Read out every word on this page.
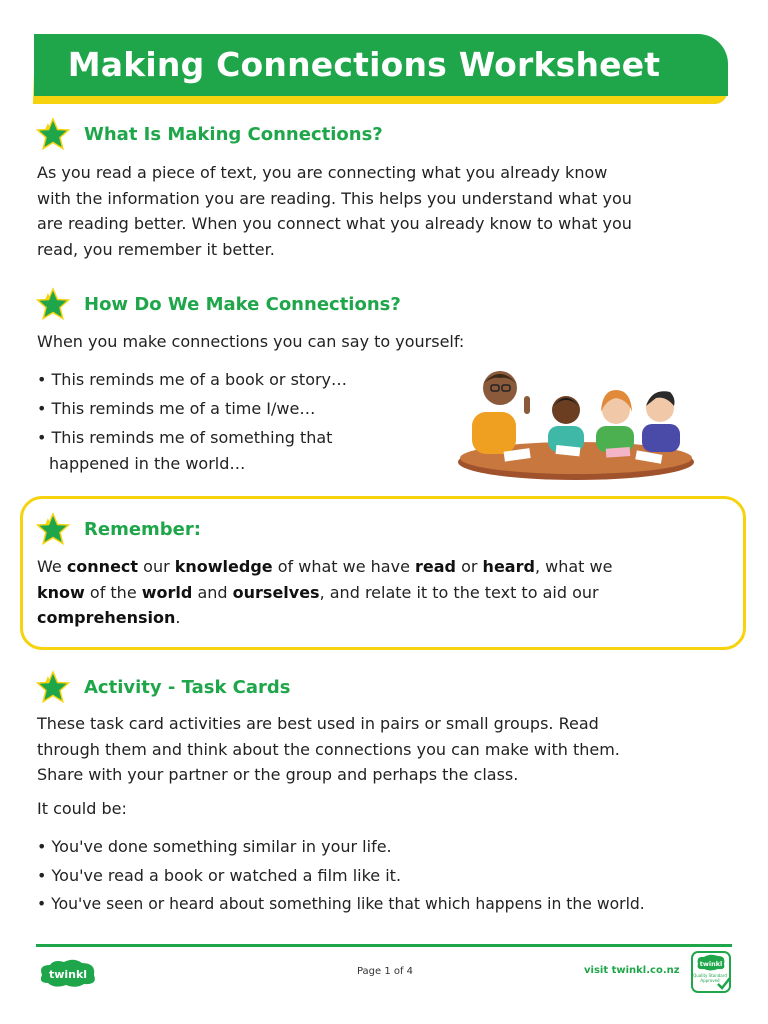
Making Connections Worksheet
What Is Making Connections?
As you read a piece of text, you are connecting what you already know
with the information you are reading. This helps you understand what you
are reading better. When you connect what you already know to what you
read, you remember it better.
How Do We Make Connections?
When you make connections you can say to yourself:
• This reminds me of a book or story…
• This reminds me of a time I/we…
• This reminds me of something that
happened in the world…
Remember:
We connect our knowledge of what we have read or heard, what we
know of the world and ourselves, and relate it to the text to aid our
comprehension.
Activity - Task Cards
These task card activities are best used in pairs or small groups. Read
through them and think about the connections you can make with them.
Share with your partner or the group and perhaps the class.
It could be:
• You've done something similar in your life.
• You've read a book or watched a film like it.
• You've seen or heard about something like that which happens in the world.
twinkl	Page 1 of 4	visit twinkl.co.nz
twinkl
Quality Standard
Approved
